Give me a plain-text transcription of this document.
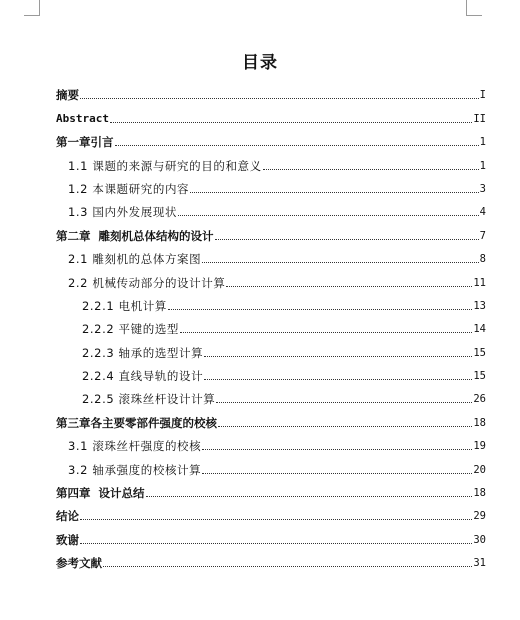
目录
摘要	I
Abstract	II
第一章引言	1
1.1 课题的来源与研究的目的和意义	1
1.2 本课题研究的内容	3
1.3 国内外发展现状	4
第二章  雕刻机总体结构的设计	7
2.1 雕刻机的总体方案图	8
2.2 机械传动部分的设计计算	11
2.2.1 电机计算	13
2.2.2 平键的选型	14
2.2.3 轴承的选型计算	15
2.2.4 直线导轨的设计	15
2.2.5 滚珠丝杆设计计算	26
第三章各主要零部件强度的校核	18
3.1 滚珠丝杆强度的校核	19
3.2 轴承强度的校核计算	20
第四章  设计总结	18
结论	29
致谢	30
参考文献	31
